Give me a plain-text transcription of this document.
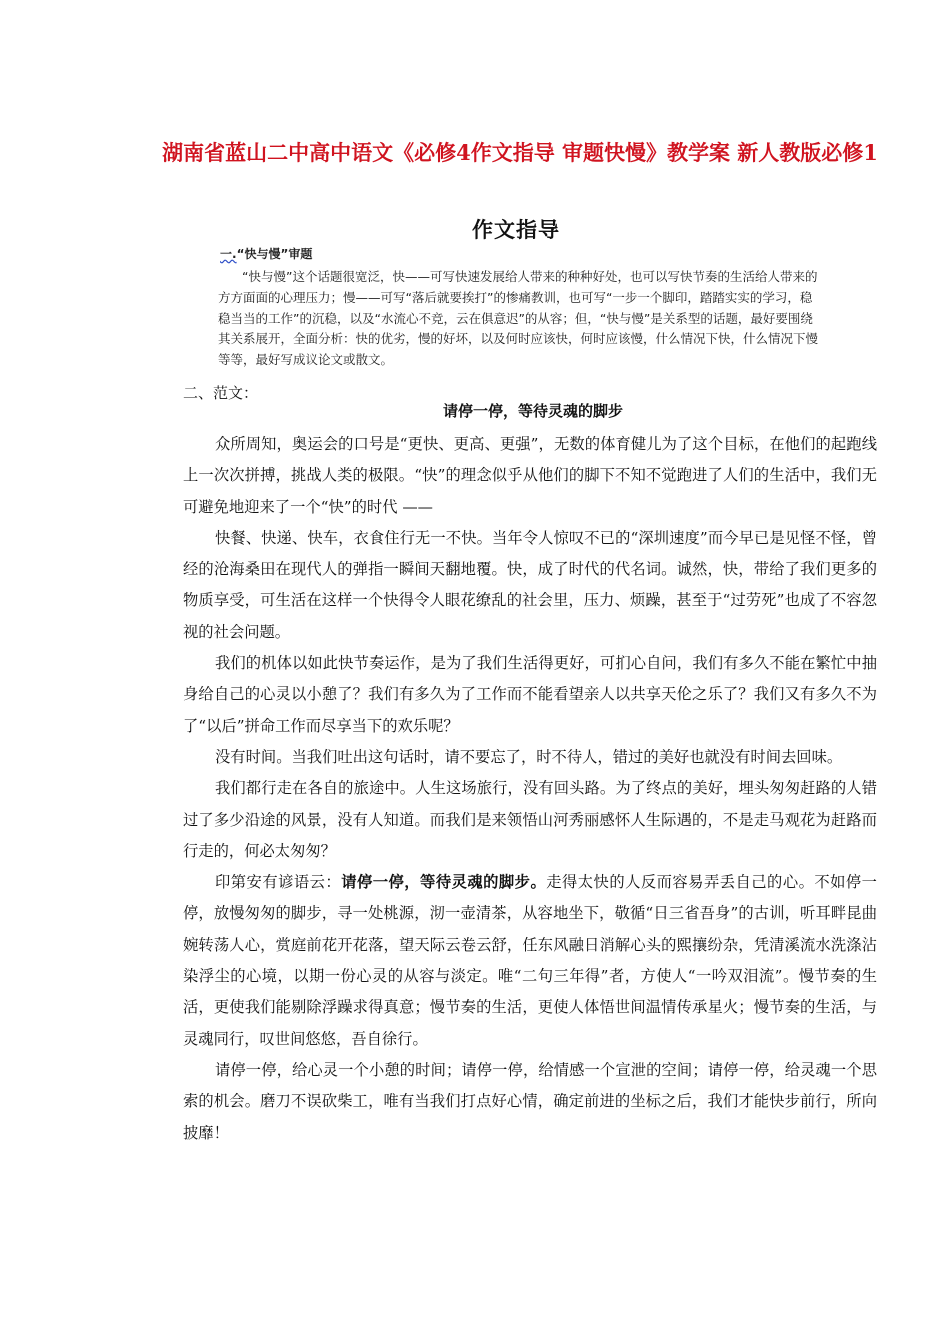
湖南省蓝山二中高中语文《必修4作文指导 审题快慢》教学案 新人教版必修1
作文指导

一.“快与慢”审题

“快与慢”这个话题很宽泛，快——可写快速发展给人带来的种种好处，也可以写快节奏的生活给人带来的方方面面的心理压力；慢——可写“落后就要挨打”的惨痛教训，也可写“一步一个脚印，踏踏实实的学习，稳稳当当的工作”的沉稳，以及“水流心不竞，云在俱意迟”的从容；但，“快与慢”是关系型的话题，最好要围绕其关系展开，全面分析：快的优劣，慢的好坏，以及何时应该快，何时应该慢，什么情况下快，什么情况下慢等等，最好写成议论文或散文。

二、范文：

请停一停，等待灵魂的脚步

众所周知，奥运会的口号是“更快、更高、更强”，无数的体育健儿为了这个目标，在他们的起跑线上一次次拼搏，挑战人类的极限。“快”的理念似乎从他们的脚下不知不觉跑进了人们的生活中，我们无可避免地迎来了一个“快”的时代 ——

快餐、快递、快车，衣食住行无一不快。当年令人惊叹不已的“深圳速度”而今早已是见怪不怪，曾经的沧海桑田在现代人的弹指一瞬间天翻地覆。快，成了时代的代名词。诚然，快，带给了我们更多的物质享受，可生活在这样一个快得令人眼花缭乱的社会里，压力、烦躁，甚至于“过劳死”也成了不容忽视的社会问题。

我们的机体以如此快节奏运作，是为了我们生活得更好，可扪心自问，我们有多久不能在繁忙中抽身给自己的心灵以小憩了？我们有多久为了工作而不能看望亲人以共享天伦之乐了？我们又有多久不为了“以后”拼命工作而尽享当下的欢乐呢？

没有时间。当我们吐出这句话时，请不要忘了，时不待人，错过的美好也就没有时间去回味。

我们都行走在各自的旅途中。人生这场旅行，没有回头路。为了终点的美好，埋头匆匆赶路的人错过了多少沿途的风景，没有人知道。而我们是来领悟山河秀丽感怀人生际遇的，不是走马观花为赶路而行走的，何必太匆匆？

印第安有谚语云：请停一停，等待灵魂的脚步。走得太快的人反而容易弄丢自己的心。不如停一停，放慢匆匆的脚步，寻一处桃源，沏一壶清茶，从容地坐下，敬循“日三省吾身”的古训，听耳畔昆曲婉转荡人心，赏庭前花开花落，望天际云卷云舒，任东风融日消解心头的熙攘纷杂，凭清溪流水洗涤沾染浮尘的心境，以期一份心灵的从容与淡定。唯“二句三年得”者，方使人“一吟双泪流”。慢节奏的生活，更使我们能剔除浮躁求得真意；慢节奏的生活，更使人体悟世间温情传承星火；慢节奏的生活，与灵魂同行，叹世间悠悠，吾自徐行。

请停一停，给心灵一个小憩的时间；请停一停，给情感一个宣泄的空间；请停一停，给灵魂一个思索的机会。磨刀不误砍柴工，唯有当我们打点好心情，确定前进的坐标之后，我们才能快步前行，所向披靡！
